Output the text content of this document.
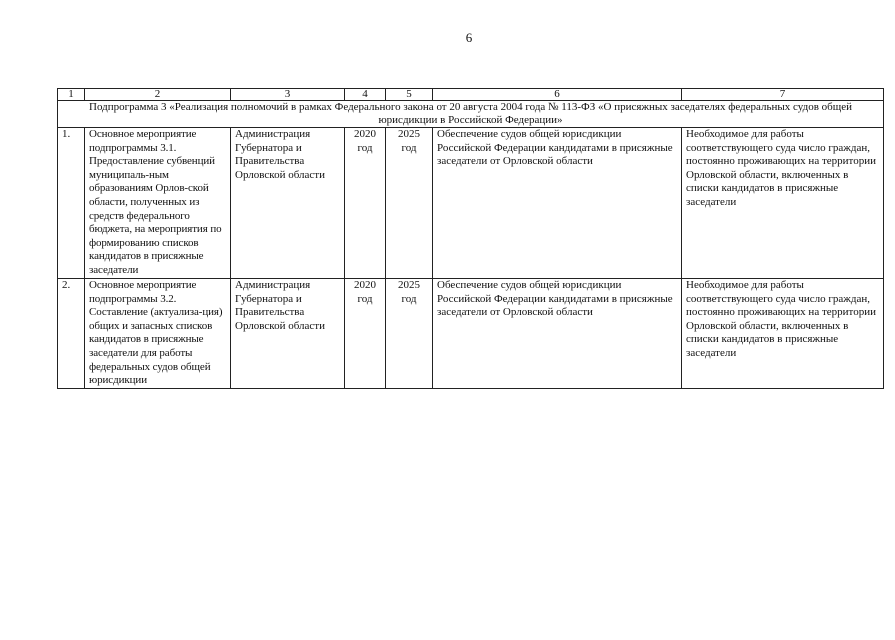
6
1	2	3	4	5	6	7
Подпрограмма 3 «Реализация полномочий в рамках Федерального закона от 20 августа 2004 года № 113-ФЗ «О присяжных заседателях федеральных судов общей юрисдикции в Российской Федерации»						
1.	Основное мероприятие подпрограммы 3.1. Предоставление субвенций муниципаль-ным образованиям Орлов-ской области, полученных из средств федерального бюджета, на мероприятия по формированию списков кандидатов в присяжные заседатели	Администрация Губернатора и Правительства Орловской области	2020 год	2025 год	Обеспечение судов общей юрисдикции Российской Федерации кандидатами в присяжные заседатели от Орловской области	Необходимое для работы соответствующего суда число граждан, постоянно проживающих на территории Орловской области, включенных в списки кандидатов в присяжные заседатели
2.	Основное мероприятие подпрограммы 3.2. Составление (актуализа-ция) общих и запасных списков кандидатов в присяжные заседатели для работы федеральных судов общей юрисдикции	Администрация Губернатора и Правительства Орловской области	2020 год	2025 год	Обеспечение судов общей юрисдикции Российской Федерации кандидатами в присяжные заседатели от Орловской области	Необходимое для работы соответствующего суда число граждан, постоянно проживающих на территории Орловской области, включенных в списки кандидатов в присяжные заседатели
